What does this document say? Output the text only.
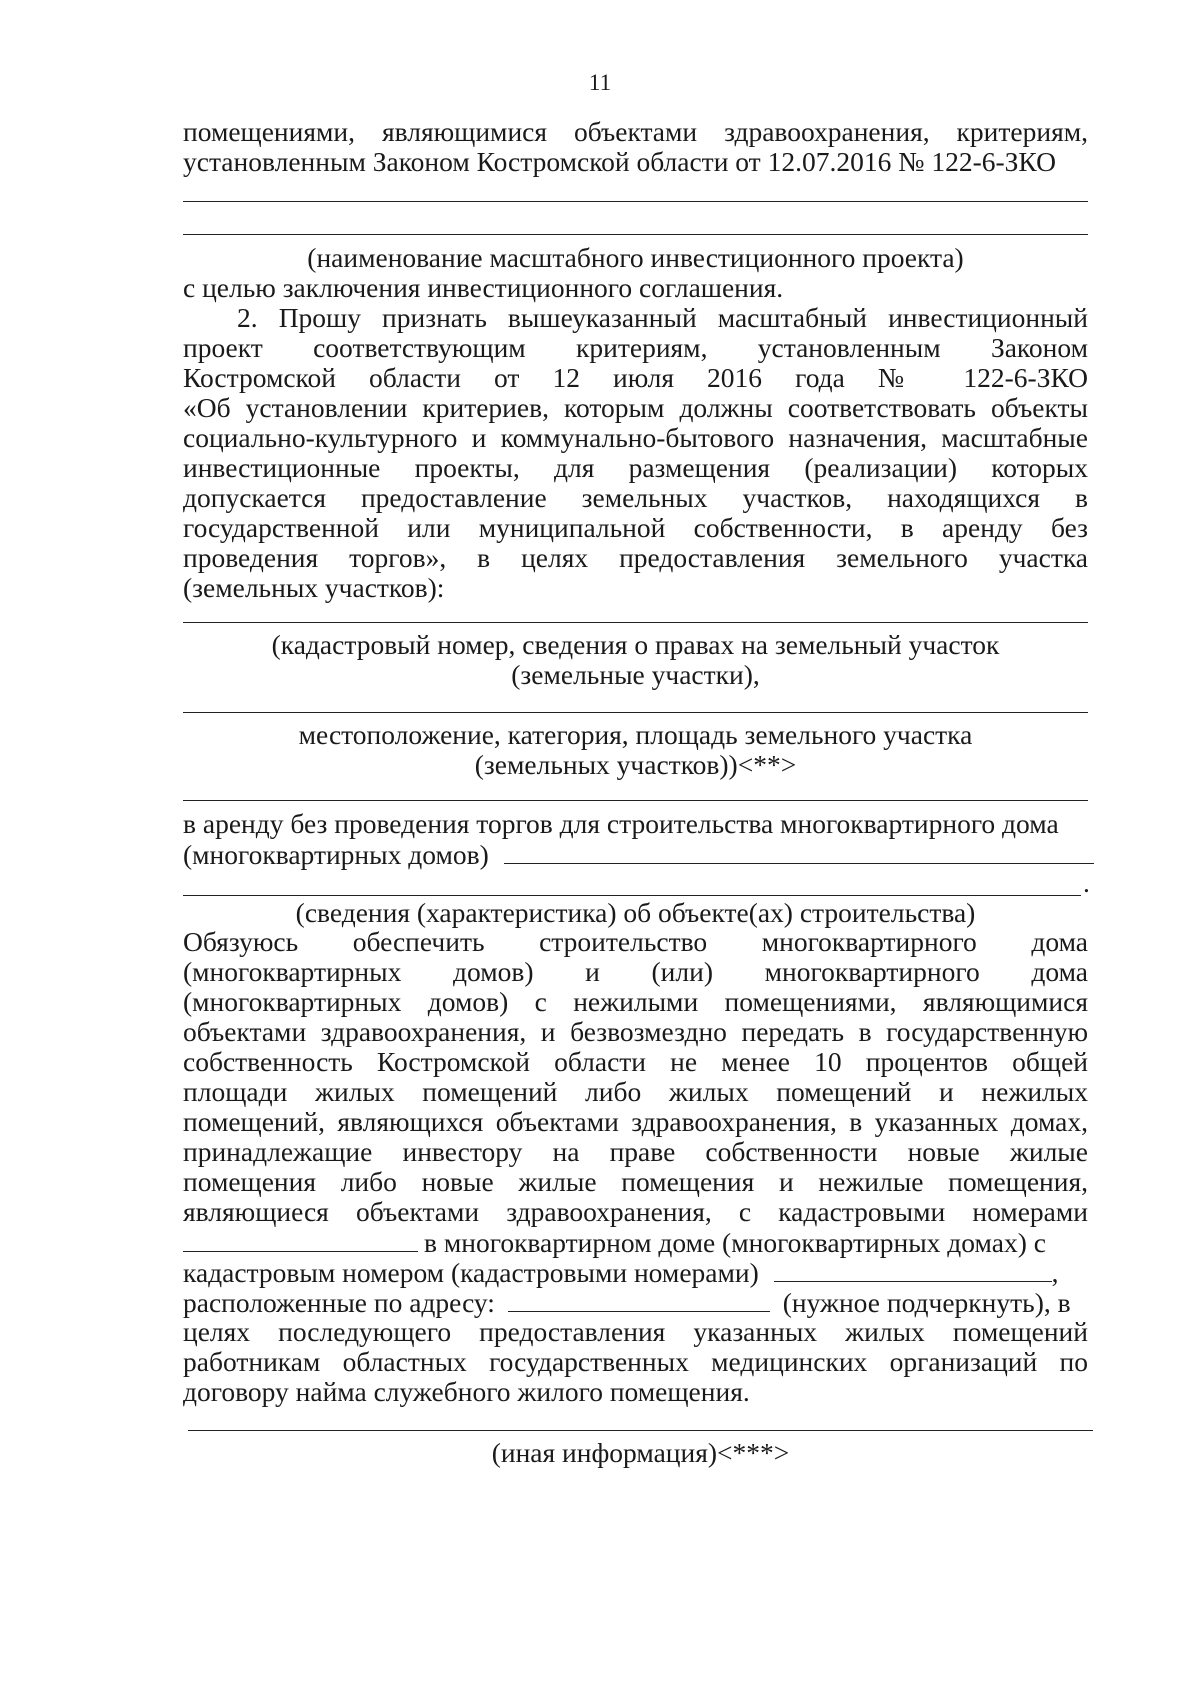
11
помещениями, являющимися объектами здравоохранения, критериям,
установленным Законом Костромской области от 12.07.2016 № 122-6-ЗКО
(наименование масштабного инвестиционного проекта)
с целью заключения инвестиционного соглашения.
2. Прошу признать вышеуказанный масштабный инвестиционный
проект соответствующим критериям, установленным Законом
Костромской области от 12 июля 2016 года № 122-6-ЗКО
«Об установлении критериев, которым должны соответствовать объекты
социально-культурного и коммунально-бытового назначения, масштабные
инвестиционные проекты, для размещения (реализации) которых
допускается предоставление земельных участков, находящихся в
государственной или муниципальной собственности, в аренду без
проведения торгов», в целях предоставления земельного участка
(земельных участков):
(кадастровый номер, сведения о правах на земельный участок
(земельные участки),
местоположение, категория, площадь земельного участка
(земельных участков))<**>
в аренду без проведения торгов для строительства многоквартирного дома
(многоквартирных домов)
.
(сведения (характеристика) об объекте(ах) строительства)
Обязуюсь обеспечить строительство многоквартирного дома
(многоквартирных домов) и (или) многоквартирного дома
(многоквартирных домов) с нежилыми помещениями, являющимися
объектами здравоохранения, и безвозмездно передать в государственную
собственность Костромской области не менее 10 процентов общей
площади жилых помещений либо жилых помещений и нежилых
помещений, являющихся объектами здравоохранения, в указанных домах,
принадлежащие инвестору на праве собственности новые жилые
помещения либо новые жилые помещения и нежилые помещения,
являющиеся объектами здравоохранения, с кадастровыми номерами
в многоквартирном доме (многоквартирных домах) с
кадастровым номером (кадастровыми номерами)	,
расположенные по адресу:	(нужное подчеркнуть), в
целях последующего предоставления указанных жилых помещений
работникам областных государственных медицинских организаций по
договору найма служебного жилого помещения.
(иная информация)<***>
